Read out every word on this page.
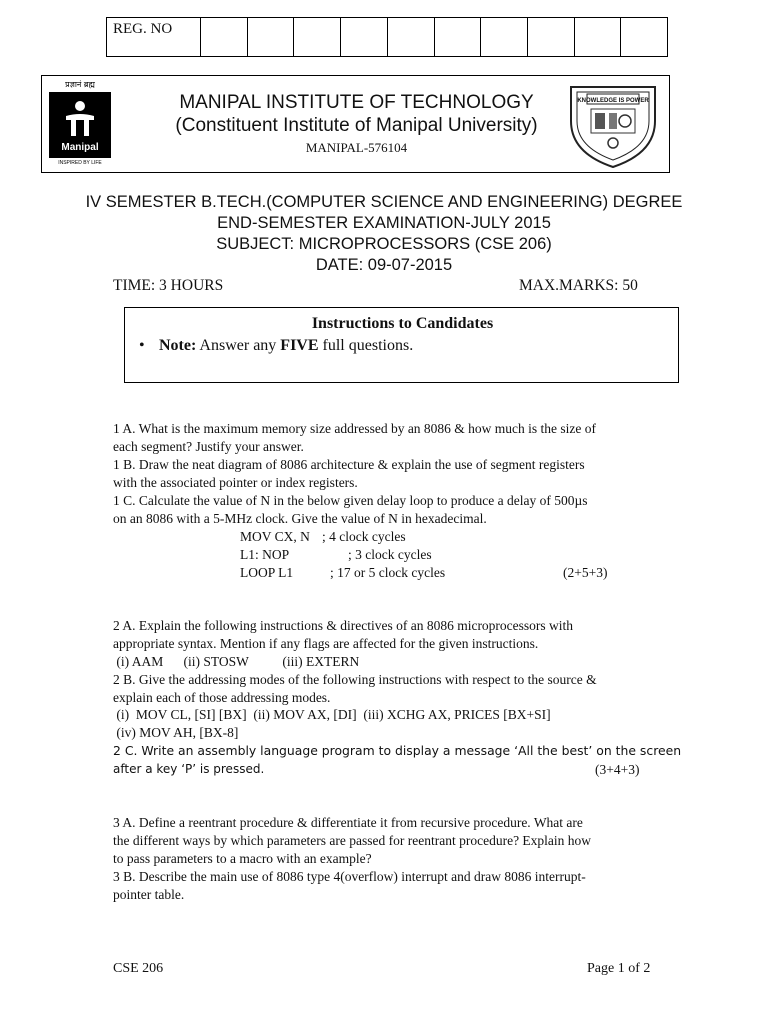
REG. NO
प्रज्ञानं ब्रह्म
Manipal
INSPIRED BY LIFE
MANIPAL INSTITUTE OF TECHNOLOGY
(Constituent Institute of Manipal University)
MANIPAL-576104
KNOWLEDGE IS POWER
IV SEMESTER B.TECH.(COMPUTER SCIENCE AND ENGINEERING) DEGREE
END-SEMESTER EXAMINATION-JULY 2015
SUBJECT: MICROPROCESSORS (CSE 206)
DATE: 09-07-2015
TIME: 3 HOURS	MAX.MARKS: 50
Instructions to Candidates
• Note: Answer any FIVE full questions.
1 A. What is the maximum memory size addressed by an 8086 & how much is the size of
each segment? Justify your answer.
1 B. Draw the neat diagram of 8086 architecture & explain the use of segment registers
with the associated pointer or index registers.
1 C. Calculate the value of N in the below given delay loop to produce a delay of 500µs
on an 8086 with a 5-MHz clock. Give the value of N in hexadecimal.
MOV CX, N ; 4 clock cycles
L1: NOP	; 3 clock cycles
LOOP L1	; 17 or 5 clock cycles	(2+5+3)
2 A. Explain the following instructions & directives of an 8086 microprocessors with
appropriate syntax. Mention if any flags are affected for the given instructions.
(i) AAM      (ii) STOSW          (iii) EXTERN
2 B. Give the addressing modes of the following instructions with respect to the source &
explain each of those addressing modes.
(i)  MOV CL, [SI] [BX]  (ii) MOV AX, [DI]  (iii) XCHG AX, PRICES [BX+SI]
(iv) MOV AH, [BX-8]
2 C. Write an assembly language program to display a message ‘All the best’ on the screen
after a key ‘P’ is pressed.	(3+4+3)
3 A. Define a reentrant procedure & differentiate it from recursive procedure. What are
the different ways by which parameters are passed for reentrant procedure? Explain how
to pass parameters to a macro with an example?
3 B. Describe the main use of 8086 type 4(overflow) interrupt and draw 8086 interrupt-
pointer table.
CSE 206	Page 1 of 2
